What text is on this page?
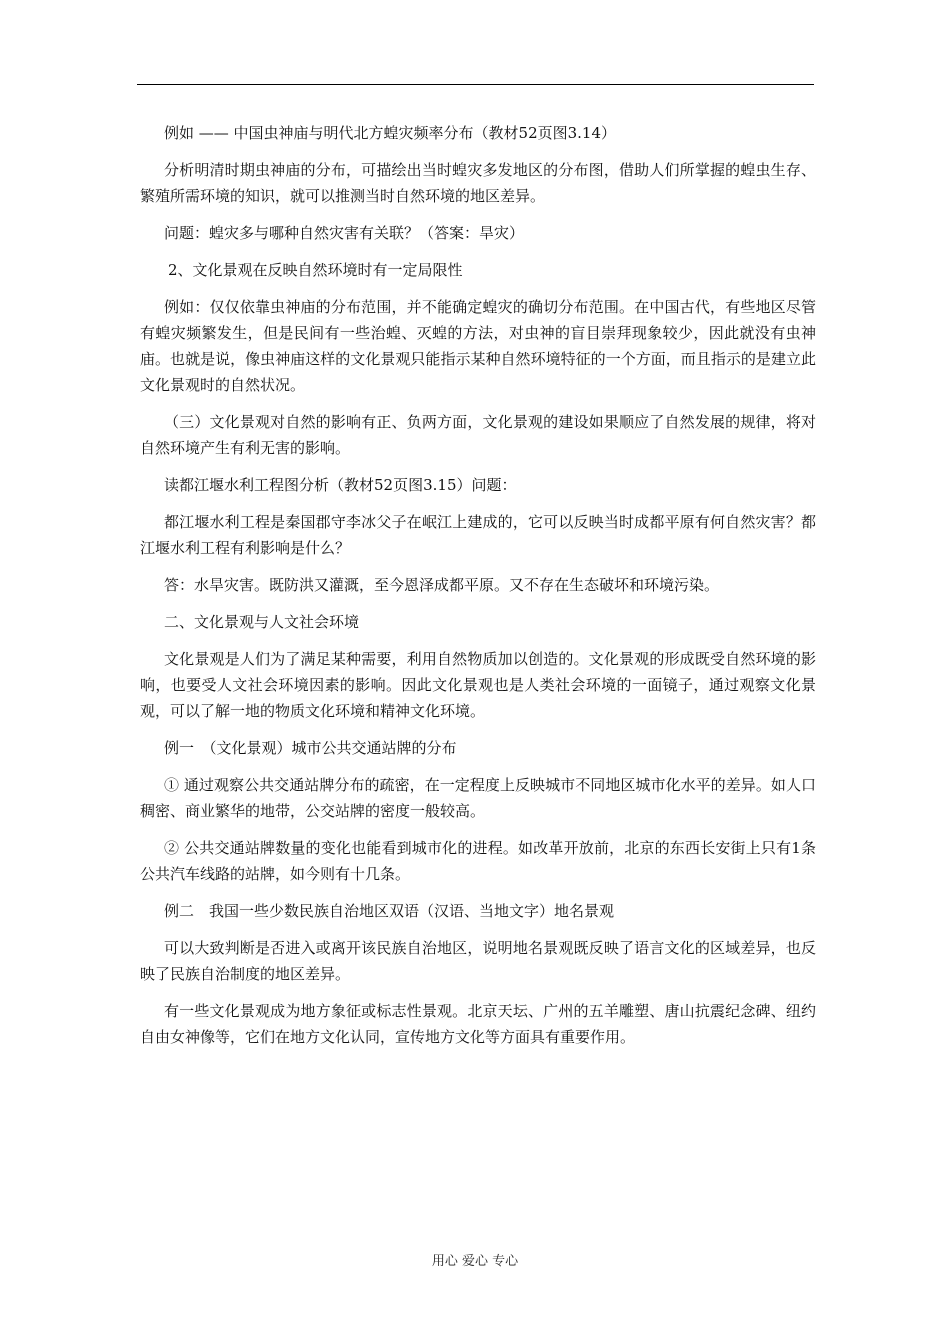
例如 —— 中国虫神庙与明代北方蝗灾频率分布（教材52页图3.14）

分析明清时期虫神庙的分布，可描绘出当时蝗灾多发地区的分布图，借助人们所掌握的蝗虫生存、繁殖所需环境的知识，就可以推测当时自然环境的地区差异。

问题：蝗灾多与哪种自然灾害有关联？（答案：旱灾）

2、文化景观在反映自然环境时有一定局限性

例如：仅仅依靠虫神庙的分布范围，并不能确定蝗灾的确切分布范围。在中国古代，有些地区尽管有蝗灾频繁发生，但是民间有一些治蝗、灭蝗的方法，对虫神的盲目崇拜现象较少，因此就没有虫神庙。也就是说，像虫神庙这样的文化景观只能指示某种自然环境特征的一个方面，而且指示的是建立此文化景观时的自然状况。

（三）文化景观对自然的影响有正、负两方面，文化景观的建设如果顺应了自然发展的规律，将对自然环境产生有利无害的影响。

读都江堰水利工程图分析（教材52页图3.15）问题：

都江堰水利工程是秦国郡守李冰父子在岷江上建成的，它可以反映当时成都平原有何自然灾害？都江堰水利工程有利影响是什么？

答：水旱灾害。既防洪又灌溉，至今恩泽成都平原。又不存在生态破坏和环境污染。

二、文化景观与人文社会环境

文化景观是人们为了满足某种需要，利用自然物质加以创造的。文化景观的形成既受自然环境的影响，也要受人文社会环境因素的影响。因此文化景观也是人类社会环境的一面镜子，通过观察文化景观，可以了解一地的物质文化环境和精神文化环境。

例一　（文化景观）城市公共交通站牌的分布

① 通过观察公共交通站牌分布的疏密，在一定程度上反映城市不同地区城市化水平的差异。如人口稠密、商业繁华的地带，公交站牌的密度一般较高。

② 公共交通站牌数量的变化也能看到城市化的进程。如改革开放前，北京的东西长安街上只有1条公共汽车线路的站牌，如今则有十几条。

例二　我国一些少数民族自治地区双语（汉语、当地文字）地名景观

可以大致判断是否进入或离开该民族自治地区，说明地名景观既反映了语言文化的区域差异，也反映了民族自治制度的地区差异。

有一些文化景观成为地方象征或标志性景观。北京天坛、广州的五羊雕塑、唐山抗震纪念碑、纽约自由女神像等，它们在地方文化认同，宣传地方文化等方面具有重要作用。

用心 爱心 专心
